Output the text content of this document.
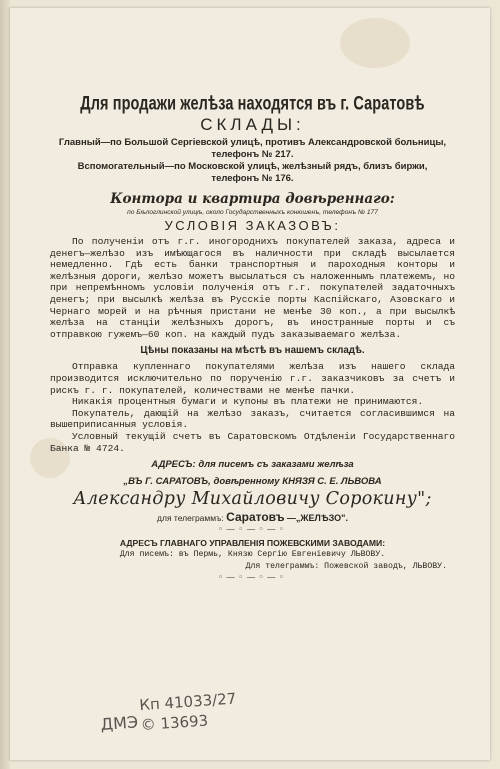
Для продажи желѣза находятся въ г. Саратовѣ
СКЛАДЫ:
Главный—по Большой Сергіевской улицѣ, противъ Александровской больницы,
телефонъ № 217.
Вспомогательный—по Московской улицѣ, желѣзный рядъ, близъ биржи,
телефонъ № 176.
Контора и квартира довѣреннаго:
по Бѣлоглинской улицѣ, около Государственныхъ конюшенъ, телефонъ № 177
УСЛОВІЯ ЗАКАЗОВЪ:

По полученіи отъ г.г. иногороднихъ покупателей заказа, адреса и денегъ—желѣзо изъ имѣющагося въ наличности при складѣ высылается немедленно. Гдѣ есть банки транспортныя и пароходныя конторы и желѣзныя дороги, желѣзо можетъ высылаться съ наложеннымъ платежемъ, но при непремѣнномъ условіи полученія отъ г.г. покупателей задаточныхъ денегъ; при высылкѣ желѣза въ Русскіе порты Каспійскаго, Азовскаго и Чернаго морей и на рѣчныя пристани не менѣе 30 коп., а при высылкѣ желѣза на станціи желѣзныхъ дорогъ, въ иностранные порты и съ отправкою гужемъ—60 коп. на каждый пудъ заказываемаго желѣза.

Цѣны показаны на мѣстѣ въ нашемъ складѣ.

Отправка купленнаго покупателями желѣза изъ нашего склада производится исключительно по порученію г.г. заказчиковъ за счетъ и рискъ г. г. покупателей, количествами не менѣе пачки.

Никакія процентныя бумаги и купоны въ платежи не принимаются.

Покупатель, дающій на желѣзо заказъ, считается согласившимся на вышеприписанныя условія.

Условный текущій счетъ въ Саратовскомъ Отдѣленіи Государственнаго Банка № 4724.

АДРЕСЪ: для писемъ съ заказами желѣза
„ВЪ Г. САРАТОВЪ, довѣренному КНЯЗЯ С. Е. ЛЬВОВА
Александру Михайловичу Сорокину";
для телеграммъ: Саратовъ —„ЖЕЛѢЗО".
◦—◦—◦—◦
АДРЕСЪ ГЛАВНАГО УПРАВЛЕНІЯ ПОЖЕВСКИМИ ЗАВОДАМИ:
Для писемъ: въ Пермь, Князю Сергію Евгеніевичу ЛЬВОВУ.
Для телеграммъ: Пожевской заводъ, ЛЬВОВУ.
◦—◦—◦—◦
ДМЭ
Кп 41033/27
© 13693
